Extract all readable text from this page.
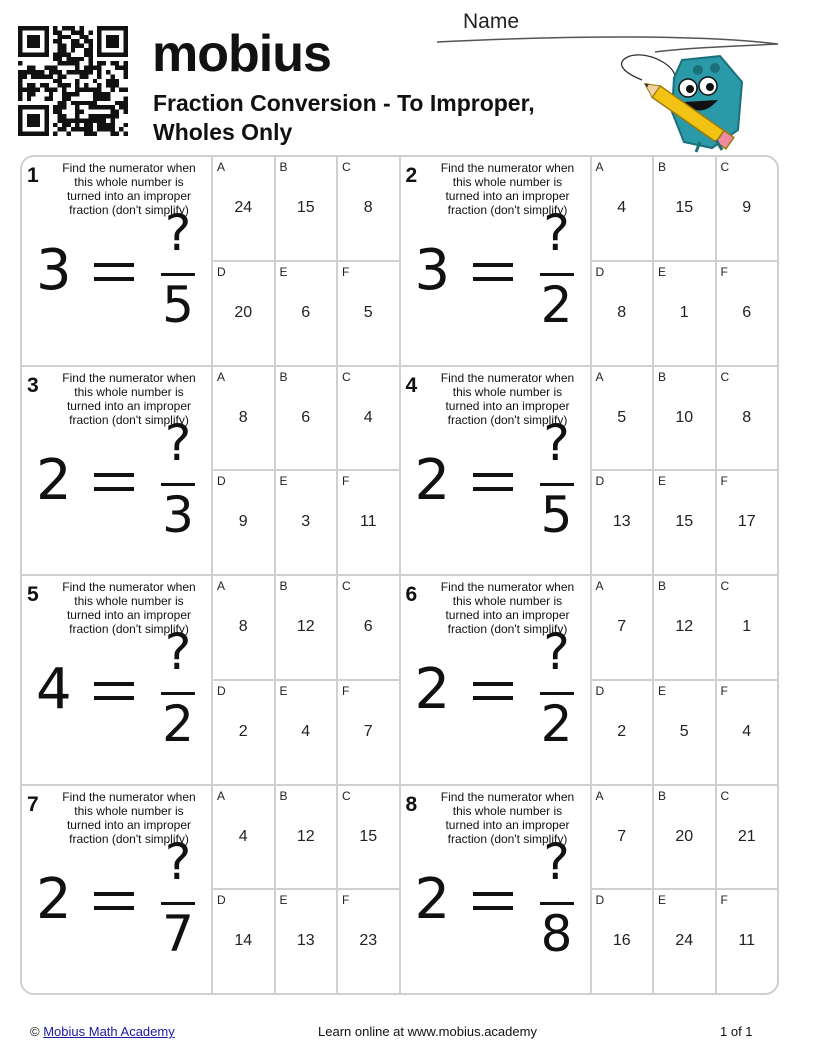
mobius
Fraction Conversion - To Improper, Wholes Only
Name
1 Find the numerator when this whole number is turned into an improper fraction (don't simplify)
3
?
5
A
24
B
15
C
8
D
20
E
6
F
5
2 Find the numerator when this whole number is turned into an improper fraction (don't simplify)
3
?
2
A
4
B
15
C
9
D
8
E
1
F
6
3 Find the numerator when this whole number is turned into an improper fraction (don't simplify)
2
?
3
A
8
B
6
C
4
D
9
E
3
F
11
4 Find the numerator when this whole number is turned into an improper fraction (don't simplify)
2
?
5
A
5
B
10
C
8
D
13
E
15
F
17
5 Find the numerator when this whole number is turned into an improper fraction (don't simplify)
4
?
2
A
8
B
12
C
6
D
2
E
4
F
7
6 Find the numerator when this whole number is turned into an improper fraction (don't simplify)
2
?
2
A
7
B
12
C
1
D
2
E
5
F
4
7 Find the numerator when this whole number is turned into an improper fraction (don't simplify)
2
?
7
A
4
B
12
C
15
D
14
E
13
F
23
8 Find the numerator when this whole number is turned into an improper fraction (don't simplify)
2
?
8
A
7
B
20
C
21
D
16
E
24
F
11
© Mobius Math Academy	Learn online at www.mobius.academy	1 of 1
